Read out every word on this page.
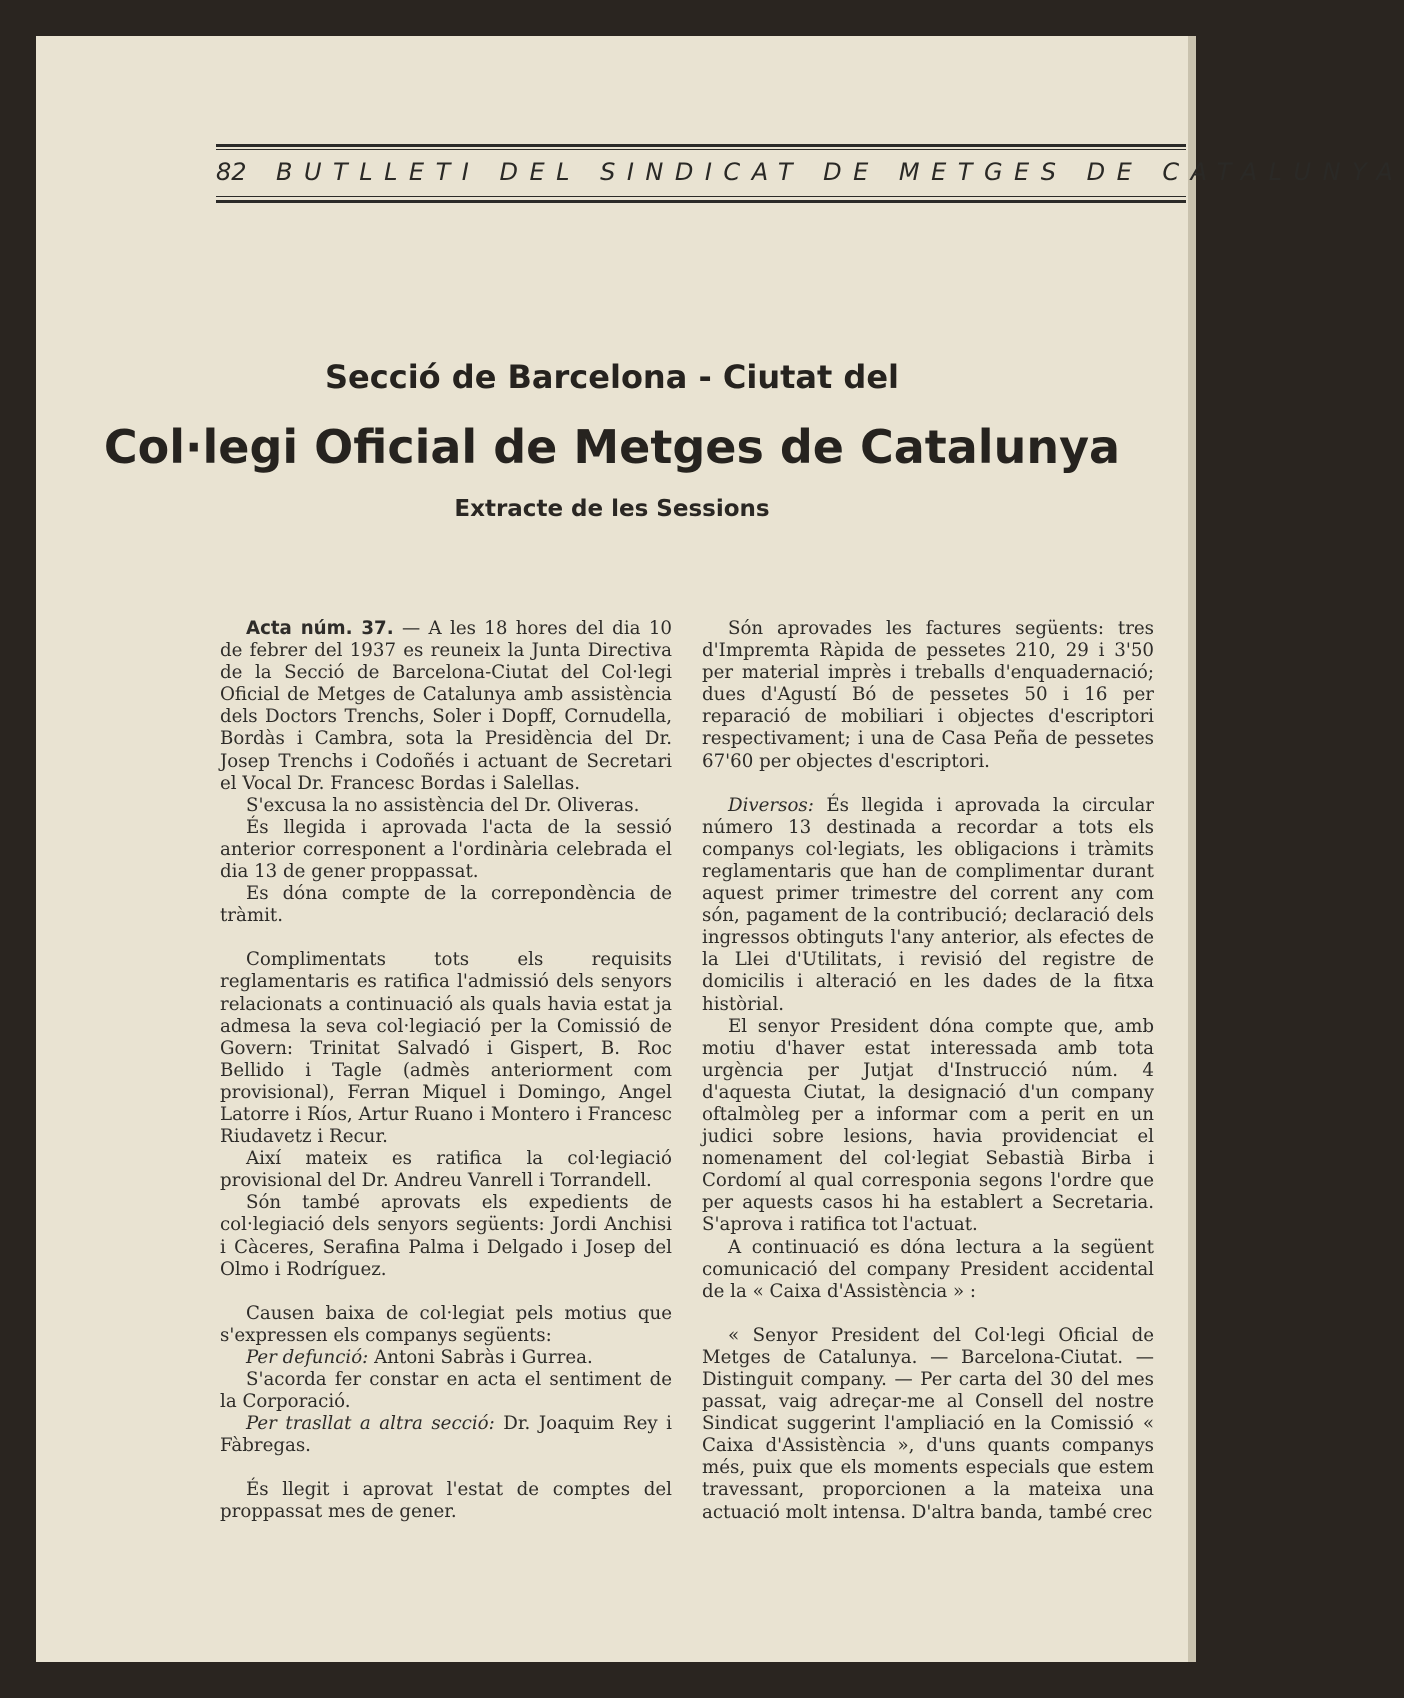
82 BUTLLETI DEL SINDICAT DE METGES DE CATALUNYA
Secció de Barcelona - Ciutat del
Col·legi Oficial de Metges de Catalunya
Extracte de les Sessions

Acta núm. 37. — A les 18 hores del dia 10 de febrer del 1937 es reuneix la Junta Directiva de la Secció de Barcelona-Ciutat del Col·legi Oficial de Metges de Catalunya amb assistència dels Doctors Trenchs, Soler i Dopff, Cornudella, Bordàs i Cambra, sota la Presidència del Dr. Josep Trenchs i Codoñés i actuant de Secretari el Vocal Dr. Francesc Bordas i Salellas.

S'excusa la no assistència del Dr. Oliveras.

És llegida i aprovada l'acta de la sessió anterior corresponent a l'ordinària celebrada el dia 13 de gener proppassat.

Es dóna compte de la correpondència de tràmit.

Complimentats tots els requisits reglamentaris es ratifica l'admissió dels senyors relacionats a continuació als quals havia estat ja admesa la seva col·legiació per la Comissió de Govern: Trinitat Salvadó i Gispert, B. Roc Bellido i Tagle (admès anteriorment com provisional), Ferran Miquel i Domingo, Angel Latorre i Ríos, Artur Ruano i Montero i Francesc Riudavetz i Recur.

Així mateix es ratifica la col·legiació provisional del Dr. Andreu Vanrell i Torrandell.

Són també aprovats els expedients de col·legiació dels senyors següents: Jordi Anchisi i Càceres, Serafina Palma i Delgado i Josep del Olmo i Rodríguez.

Causen baixa de col·legiat pels motius que s'expressen els companys següents:

Per defunció: Antoni Sabràs i Gurrea.

S'acorda fer constar en acta el sentiment de la Corporació.

Per trasllat a altra secció: Dr. Joaquim Rey i Fàbregas.

És llegit i aprovat l'estat de comptes del proppassat mes de gener.

Són aprovades les factures següents: tres d'Impremta Ràpida de pessetes 210, 29 i 3'50 per material imprès i treballs d'enquadernació; dues d'Agustí Bó de pessetes 50 i 16 per reparació de mobiliari i objectes d'escriptori respectivament; i una de Casa Peña de pessetes 67'60 per objectes d'escriptori.

Diversos: És llegida i aprovada la circular número 13 destinada a recordar a tots els companys col·legiats, les obligacions i tràmits reglamentaris que han de complimentar durant aquest primer trimestre del corrent any com són, pagament de la contribució; declaració dels ingressos obtinguts l'any anterior, als efectes de la Llei d'Utilitats, i revisió del registre de domicilis i alteració en les dades de la fitxa històrial.

El senyor President dóna compte que, amb motiu d'haver estat interessada amb tota urgència per Jutjat d'Instrucció núm. 4 d'aquesta Ciutat, la designació d'un company oftalmòleg per a informar com a perit en un judici sobre lesions, havia providenciat el nomenament del col·legiat Sebastià Birba i Cordomí al qual corresponia segons l'ordre que per aquests casos hi ha establert a Secretaria. S'aprova i ratifica tot l'actuat.

A continuació es dóna lectura a la següent comunicació del company President accidental de la « Caixa d'Assistència » :

« Senyor President del Col·legi Oficial de Metges de Catalunya. — Barcelona-Ciutat. — Distinguit company. — Per carta del 30 del mes passat, vaig adreçar-me al Consell del nostre Sindicat suggerint l'ampliació en la Comissió « Caixa d'Assistència », d'uns quants companys més, puix que els moments especials que estem travessant, proporcionen a la mateixa una actuació molt intensa. D'altra banda, també crec
